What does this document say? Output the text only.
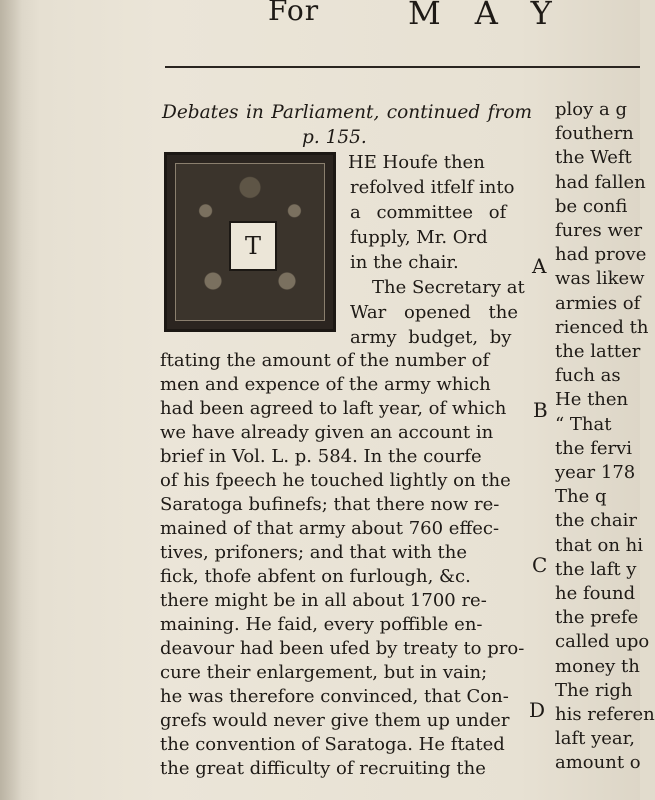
For	MAY

Debates in Parliament, continued from

p. 155.

T
HE Houfe then
refolved itfelf into
a committee of
fupply, Mr. Ord
in the chair.
The Secretary at
War opened the
army budget, by
ftating the amount of the number of
men and expence of the army which
had been agreed to laft year, of which
we have already given an account in
brief in Vol. L. p. 584. In the courfe
of his fpeech he touched lightly on the
Saratoga bufinefs; that there now re-
mained of that army about 760 effec-
tives, prifoners; and that with the
fick, thofe abfent on furlough, &c.
there might be in all about 1700 re-
maining. He faid, every poffible en-
deavour had been ufed by treaty to pro-
cure their enlargement, but in vain;
he was therefore convinced, that Con-
grefs would never give them up under
the convention of Saratoga. He ftated
the great difficulty of recruiting the
A
B
C
D
ploy a g
fouthern
the Weft
had fallen
be confi
fures wer
had prove
was likew
armies of
rienced th
the latter
fuch as
He then
“ That
the fervi
year 178
The q
the chair
that on hi
the laft y
he found
the prefe
called upo
money th
The righ
his referen
laft year,
amount o
